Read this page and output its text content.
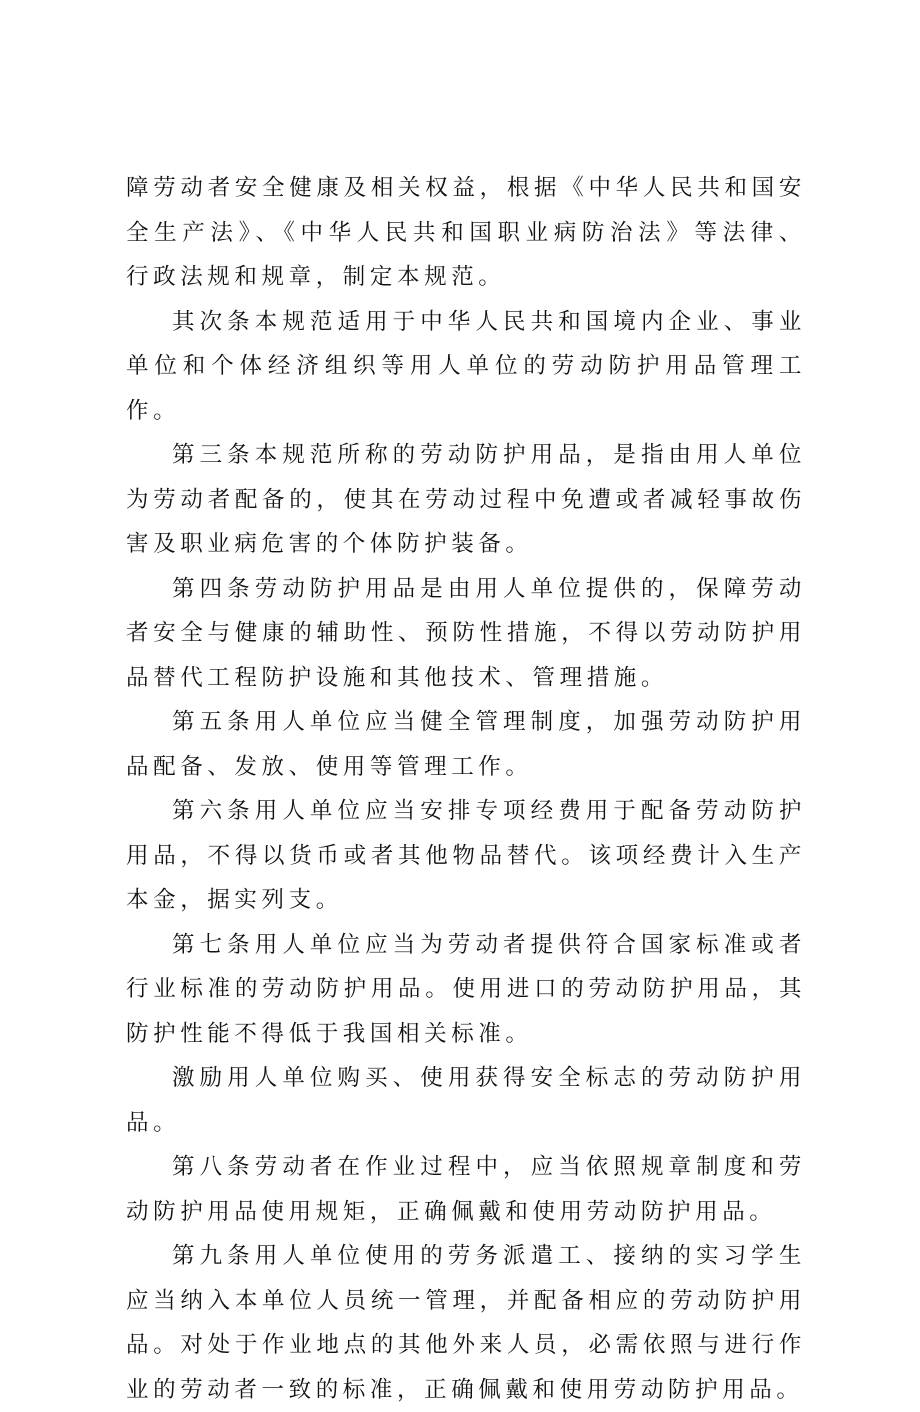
障劳动者安全健康及相关权益，根据《中华人民共和国安全生产法》、《中华人民共和国职业病防治法》等法律、行政法规和规章，制定本规范。

其次条本规范适用于中华人民共和国境内企业、事业单位和个体经济组织等用人单位的劳动防护用品管理工作。

第三条本规范所称的劳动防护用品，是指由用人单位为劳动者配备的，使其在劳动过程中免遭或者减轻事故伤害及职业病危害的个体防护装备。

第四条劳动防护用品是由用人单位提供的，保障劳动者安全与健康的辅助性、预防性措施，不得以劳动防护用品替代工程防护设施和其他技术、管理措施。

第五条用人单位应当健全管理制度，加强劳动防护用品配备、发放、使用等管理工作。

第六条用人单位应当安排专项经费用于配备劳动防护用品，不得以货币或者其他物品替代。该项经费计入生产本金，据实列支。

第七条用人单位应当为劳动者提供符合国家标准或者行业标准的劳动防护用品。使用进口的劳动防护用品，其防护性能不得低于我国相关标准。

激励用人单位购买、使用获得安全标志的劳动防护用品。

第八条劳动者在作业过程中，应当依照规章制度和劳动防护用品使用规矩，正确佩戴和使用劳动防护用品。

第九条用人单位使用的劳务派遣工、接纳的实习学生应当纳入本单位人员统一管理，并配备相应的劳动防护用品。对处于作业地点的其他外来人员，必需依照与进行作业的劳动者一致的标准，正确佩戴和使用劳动防护用品。
